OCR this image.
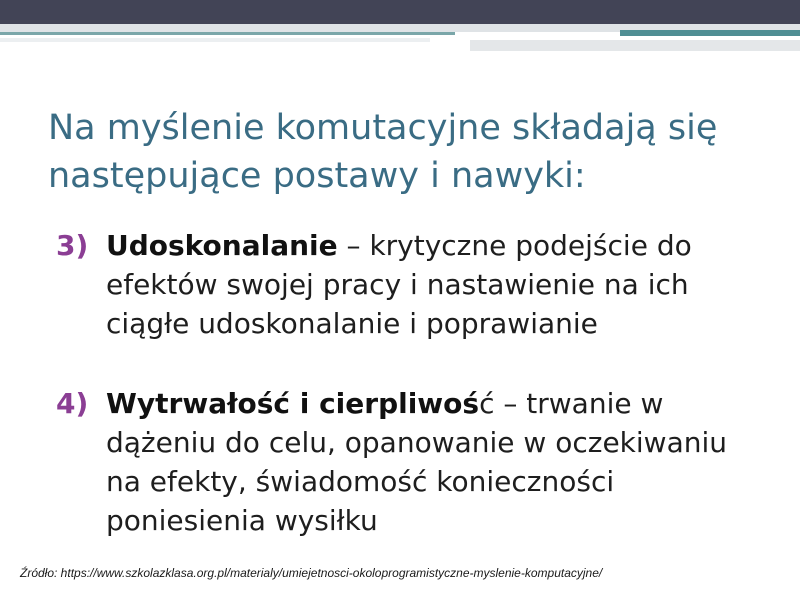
Na myślenie komutacyjne składają się
następujące postawy i nawyki:
3) Udoskonalanie – krytyczne podejście do efektów swojej pracy i nastawienie na ich ciągłe udoskonalanie i poprawianie
4) Wytrwałość i cierpliwość – trwanie w dążeniu do celu, opanowanie w oczekiwaniu na efekty, świadomość konieczności poniesienia wysiłku
Źródło: https://www.szkolazklasa.org.pl/materialy/umiejetnosci-okoloprogramistyczne-myslenie-komputacyjne/
